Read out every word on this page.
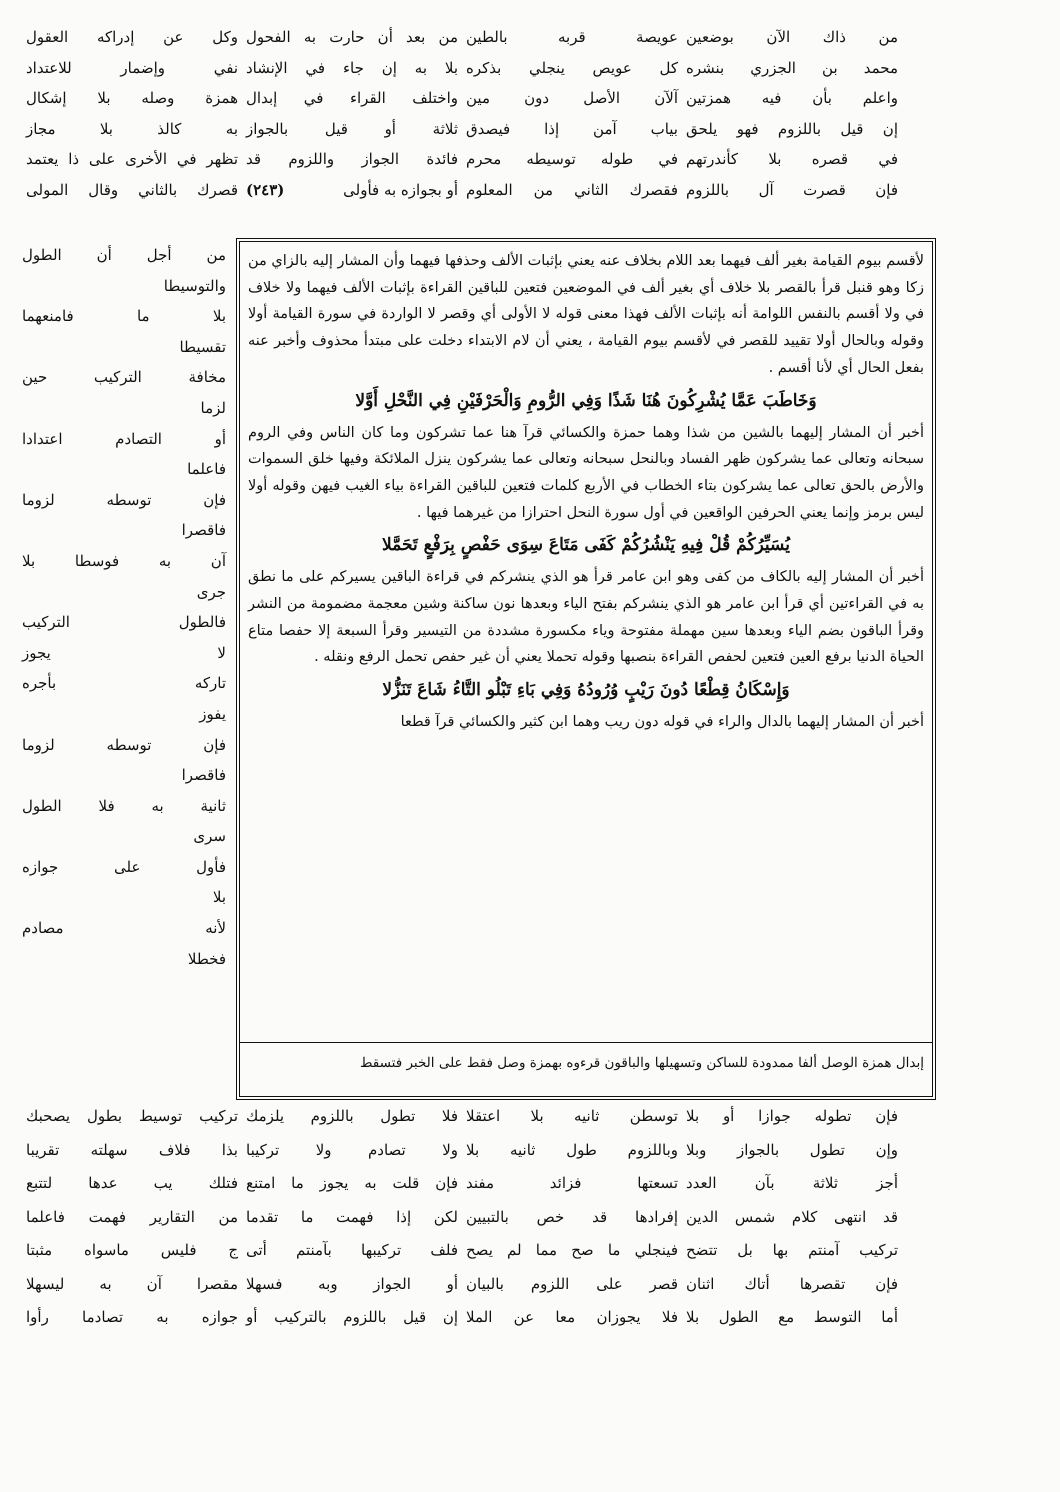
من ذاك الآن بوضعين
محمد بن الجزري بنشره
واعلم بأن فيه همزتين
إن قيل باللزوم فهو يلحق
في قصره بلا كأندرتهم
فإن قصرت آل باللزوم
عويصة قربه بالطين
كل عويص ينجلي بذكره
آلآن الأصل دون مين
بياب آمن إذا فيصدق
في طوله توسيطه محرم
فقصرك الثاني من المعلوم
من بعد أن حارت به الفحول
بلا به إن جاء في الإنشاد
واختلف القراء في إبدال
ثلاثة أو قيل بالجواز
فائدة الجواز واللزوم قد
أو بجوازه به فأولى
(٢٤٣)
وكل عن إدراكه العقول
نفي وإضمار للاعتداد
همزة وصله بلا إشكال
به كالذ بلا مجاز
تظهر في الأخرى على ذا يعتمد
قصرك بالثاني وقال المولى
من أجل أن الطول
والتوسيطا
بلا ما فامنعهما
تقسيطا
مخافة التركيب حين
لزما
أو التصادم اعتدادا
فاعلما
فإن توسطه لزوما
فاقصرا
آن به فوسطا بلا
جرى
فالطول التركيب
لا يجوز
تاركه بأجره
يفوز
فإن توسطه لزوما
فاقصرا
ثانية به فلا الطول
سرى
فأول على جوازه
بلا
لأنه مصادم
فخطلا

لأقسم بيوم القيامة بغير ألف فيهما بعد اللام بخلاف عنه يعني بإثبات الألف وحذفها فيهما وأن المشار إليه بالزاي من زكا وهو قنبل قرأ بالقصر بلا خلاف أي بغير ألف في الموضعين فتعين للباقين القراءة بإثبات الألف فيهما ولا خلاف في ولا أقسم بالنفس اللوامة أنه بإثبات الألف فهذا معنى قوله لا الأولى أي وقصر لا الواردة في سورة القيامة أولا وقوله وبالحال أولا تقييد للقصر في لأقسم بيوم القيامة ، يعني أن لام الابتداء دخلت على مبتدأ محذوف وأخبر عنه بفعل الحال أي لأنا أقسم .

وَخَاطَبَ عَمَّا يُشْرِكُونَ هُنَا شَذًا وَفِي الرُّومِ وَالْحَرْفَيْنِ فِي النَّحْلِ أَوَّلا

أخبر أن المشار إليهما بالشين من شذا وهما حمزة والكسائي قرآ هنا عما تشركون وما كان الناس وفي الروم سبحانه وتعالى عما يشركون ظهر الفساد وبالنحل سبحانه وتعالى عما يشركون ينزل الملائكة وفيها خلق السموات والأرض بالحق تعالى عما يشركون بتاء الخطاب في الأربع كلمات فتعين للباقين القراءة بياء الغيب فيهن وقوله أولا ليس برمز وإنما يعني الحرفين الواقعين في أول سورة النحل احترازا من غيرهما فيها .

يُسَيِّرُكُمْ قُلْ فِيهِ يَنْشُرُكُمْ كَفَى مَتَاعَ سِوَى حَفْصٍ بِرَفْعٍ تَحَمَّلا

أخبر أن المشار إليه بالكاف من كفى وهو ابن عامر قرأ هو الذي ينشركم في قراءة الباقين يسيركم على ما نطق به في القراءتين أي قرأ ابن عامر هو الذي ينشركم بفتح الياء وبعدها نون ساكنة وشين معجمة مضمومة من النشر وقرأ الباقون بضم الياء وبعدها سين مهملة مفتوحة وياء مكسورة مشددة من التيسير وقرأ السبعة إلا حفصا متاع الحياة الدنيا برفع العين فتعين لحفص القراءة بنصبها وقوله تحملا يعني أن غير حفص تحمل الرفع ونقله .

وَإِسْكَانُ قِطْعًا دُونَ رَيْبٍ وُرُودُهُ وَفِي بَاءِ تَبْلُو التَّاءُ شَاعَ تَنَزُّلا

أخبر أن المشار إليهما بالدال والراء في قوله دون ريب وهما ابن كثير والكسائي قرآ قطعا

إبدال همزة الوصل ألفا ممدودة للساكن وتسهيلها والباقون قرءوه بهمزة وصل فقط على الخبر فتسقط
فإن تطوله جوازا أو بلا
وإن تطول بالجواز وبلا
أجز ثلاثة بآن العدد
قد انتهى كلام شمس الدين
تركيب آمنتم بها بل تتضح
فإن تقصرها أتاك اثنان
أما التوسط مع الطول بلا
توسطن ثانيه بلا اعتقلا
وباللزوم طول ثانيه بلا
تسعتها فزائد مفند
إفرادها قد خص بالتبيين
فينجلي ما صح مما لم يصح
قصر على اللزوم بالبيان
فلا يجوزان معا عن الملا
فلا تطول باللزوم يلزمك
ولا تصادم ولا تركيبا
فإن قلت به يجوز ما امتنع
لكن إذا فهمت ما تقدما
فلف تركيبها بآمنتم أتى
أو الجواز وبه فسهلا
إن قيل باللزوم بالتركيب أو
تركيب توسيط بطول يصحبك
بذا فلاف سهلته تقريبا
فتلك يب عدها لتتبع
من التقارير فهمت فاعلما
ج فليس ماسواه مثبتا
مقصرا آن به ليسهلا
جوازه به تصادما رأوا
